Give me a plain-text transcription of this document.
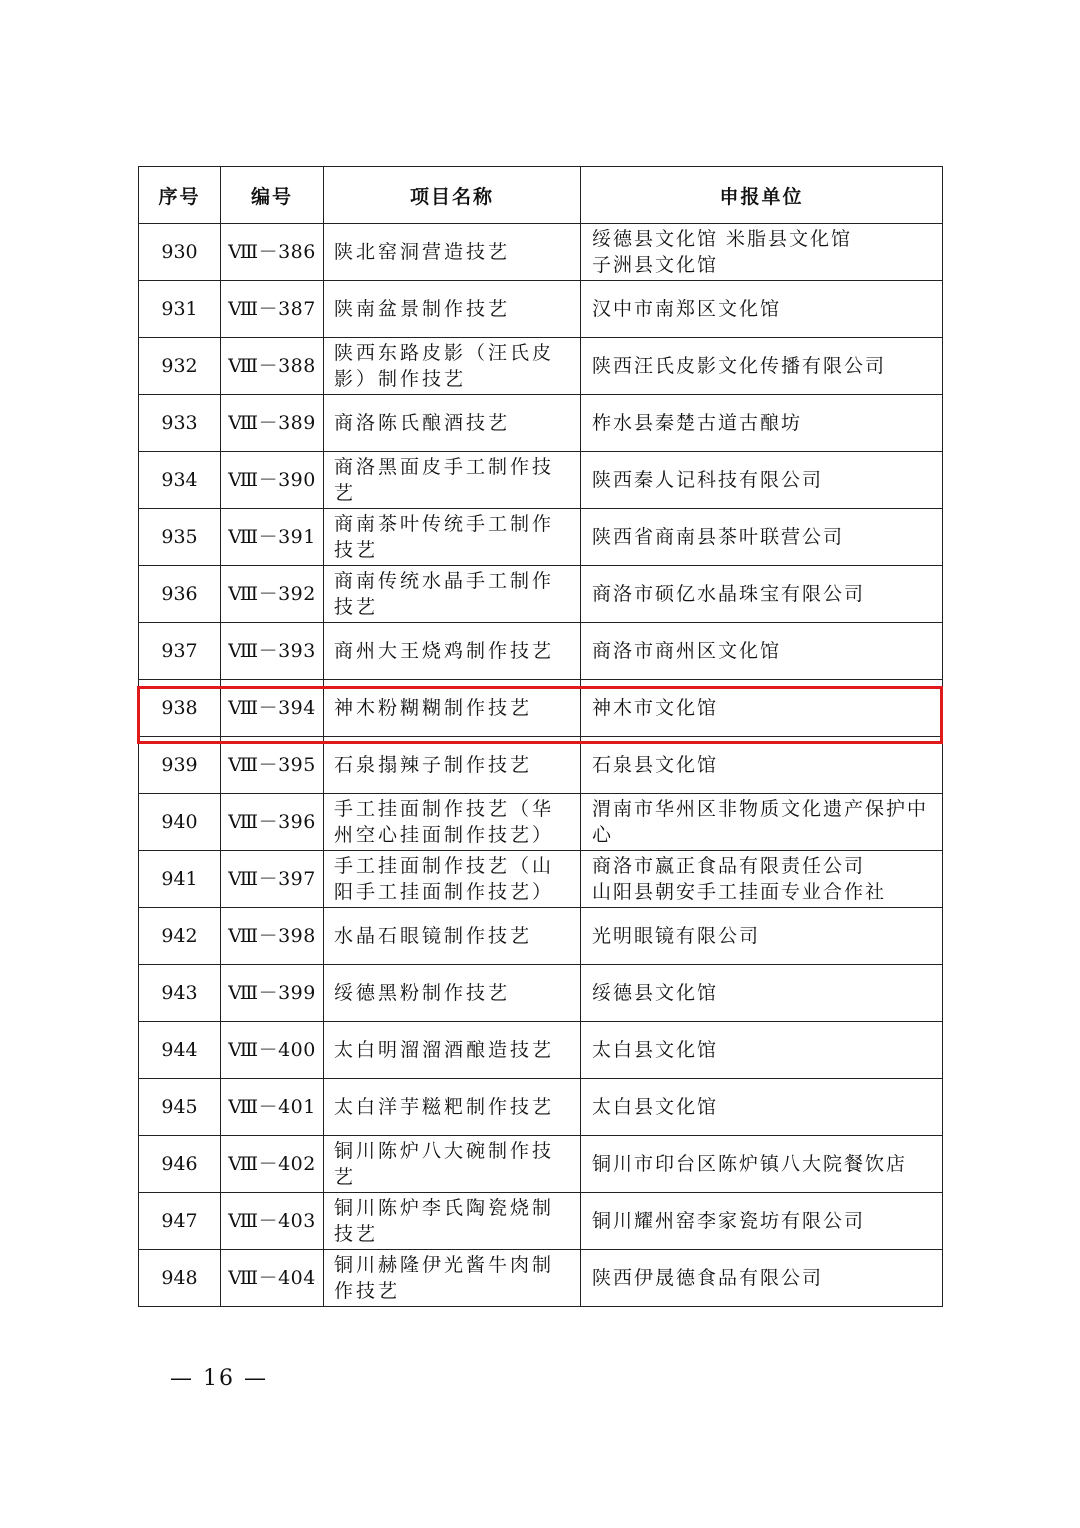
序号	编号	项目名称	申报单位
930	Ⅷ－386	陕北窑洞营造技艺	绥德县文化馆 米脂县文化馆
子洲县文化馆
931	Ⅷ－387	陕南盆景制作技艺	汉中市南郑区文化馆
932	Ⅷ－388	陕西东路皮影（汪氏皮影）制作技艺	陕西汪氏皮影文化传播有限公司
933	Ⅷ－389	商洛陈氏酿酒技艺	柞水县秦楚古道古酿坊
934	Ⅷ－390	商洛黑面皮手工制作技艺	陕西秦人记科技有限公司
935	Ⅷ－391	商南茶叶传统手工制作技艺	陕西省商南县茶叶联营公司
936	Ⅷ－392	商南传统水晶手工制作技艺	商洛市硕亿水晶珠宝有限公司
937	Ⅷ－393	商州大王烧鸡制作技艺	商洛市商州区文化馆
938	Ⅷ－394	神木粉糊糊制作技艺	神木市文化馆
939	Ⅷ－395	石泉搨辣子制作技艺	石泉县文化馆
940	Ⅷ－396	手工挂面制作技艺（华州空心挂面制作技艺）	渭南市华州区非物质文化遗产保护中心
941	Ⅷ－397	手工挂面制作技艺（山阳手工挂面制作技艺）	商洛市嬴正食品有限责任公司
山阳县朝安手工挂面专业合作社
942	Ⅷ－398	水晶石眼镜制作技艺	光明眼镜有限公司
943	Ⅷ－399	绥德黑粉制作技艺	绥德县文化馆
944	Ⅷ－400	太白明溜溜酒酿造技艺	太白县文化馆
945	Ⅷ－401	太白洋芋糍粑制作技艺	太白县文化馆
946	Ⅷ－402	铜川陈炉八大碗制作技艺	铜川市印台区陈炉镇八大院餐饮店
947	Ⅷ－403	铜川陈炉李氏陶瓷烧制技艺	铜川耀州窑李家瓷坊有限公司
948	Ⅷ－404	铜川赫隆伊光酱牛肉制作技艺	陕西伊晟德食品有限公司
— 16 —
